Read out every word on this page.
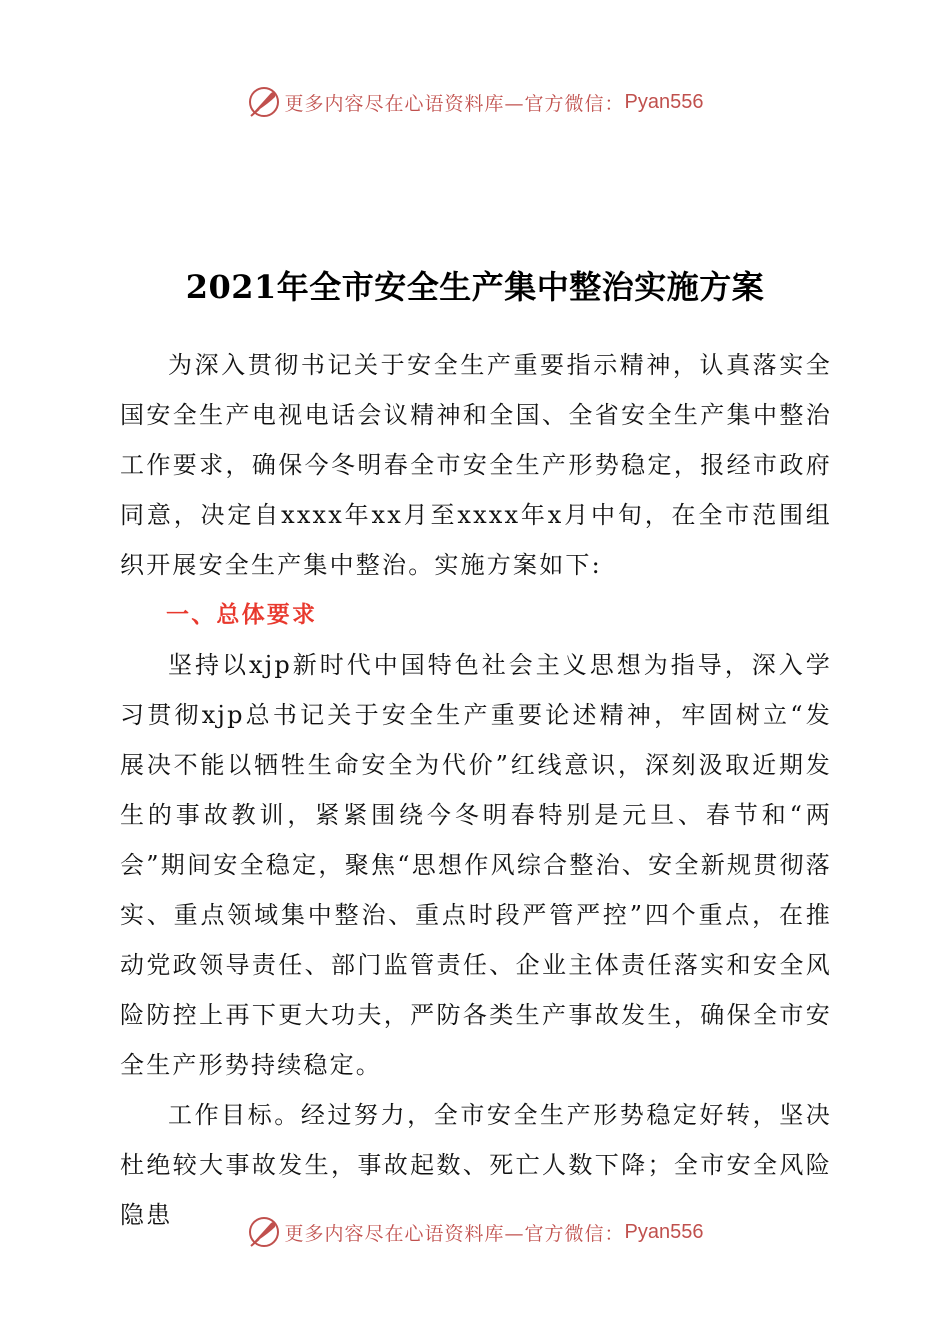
更多内容尽在心语资料库—官方微信： Pyan556
2021年全市安全生产集中整治实施方案

为深入贯彻书记关于安全生产重要指示精神，认真落实全国安全生产电视电话会议精神和全国、全省安全生产集中整治工作要求，确保今冬明春全市安全生产形势稳定，报经市政府同意，决定自xxxx年xx月至xxxx年x月中旬，在全市范围组织开展安全生产集中整治。实施方案如下:

一、总体要求

坚持以xjp新时代中国特色社会主义思想为指导，深入学习贯彻xjp总书记关于安全生产重要论述精神，牢固树立“发展决不能以牺牲生命安全为代价”红线意识，深刻汲取近期发生的事故教训，紧紧围绕今冬明春特别是元旦、春节和“两会”期间安全稳定，聚焦“思想作风综合整治、安全新规贯彻落实、重点领域集中整治、重点时段严管严控”四个重点，在推动党政领导责任、部门监管责任、企业主体责任落实和安全风险防控上再下更大功夫，严防各类生产事故发生，确保全市安全生产形势持续稳定。

工作目标。经过努力，全市安全生产形势稳定好转，坚决杜绝较大事故发生，事故起数、死亡人数下降；全市安全风险隐患

更多内容尽在心语资料库—官方微信： Pyan556
